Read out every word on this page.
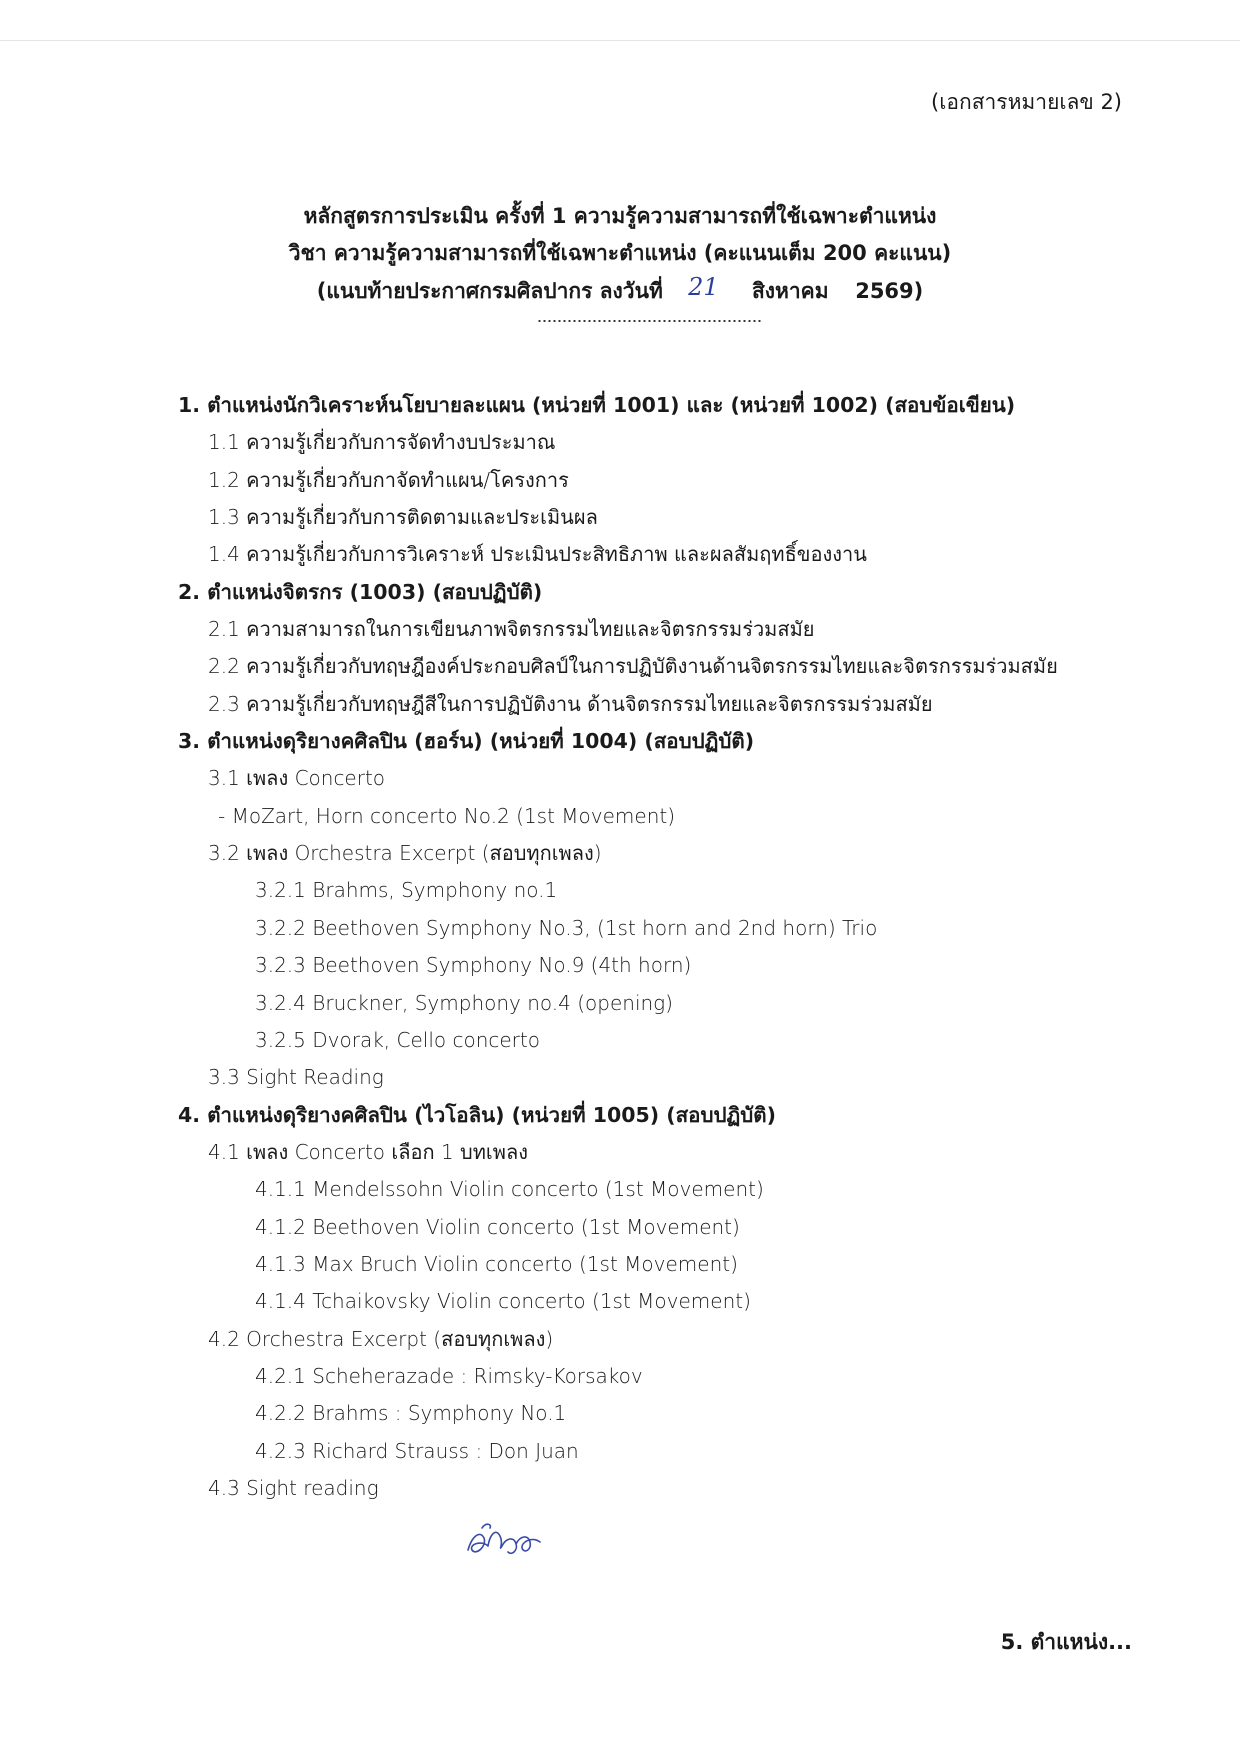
(เอกสารหมายเลข 2)
หลักสูตรการประเมิน ครั้งที่ 1 ความรู้ความสามารถที่ใช้เฉพาะตำแหน่ง
วิชา ความรู้ความสามารถที่ใช้เฉพาะตำแหน่ง (คะแนนเต็ม 200 คะแนน)
(แนบท้ายประกาศกรมศิลปากร ลงวันที่ 21 สิงหาคม 2569)
1. ตำแหน่งนักวิเคราะห์นโยบายละแผน (หน่วยที่ 1001) และ (หน่วยที่ 1002) (สอบข้อเขียน)
1.1 ความรู้เกี่ยวกับการจัดทำงบประมาณ
1.2 ความรู้เกี่ยวกับกาจัดทำแผน/โครงการ
1.3 ความรู้เกี่ยวกับการติดตามและประเมินผล
1.4 ความรู้เกี่ยวกับการวิเคราะห์ ประเมินประสิทธิภาพ และผลสัมฤทธิ์ของงาน
2. ตำแหน่งจิตรกร (1003) (สอบปฏิบัติ)
2.1 ความสามารถในการเขียนภาพจิตรกรรมไทยและจิตรกรรมร่วมสมัย
2.2 ความรู้เกี่ยวกับทฤษฎีองค์ประกอบศิลป์ในการปฏิบัติงานด้านจิตรกรรมไทยและจิตรกรรมร่วมสมัย
2.3 ความรู้เกี่ยวกับทฤษฎีสีในการปฏิบัติงาน ด้านจิตรกรรมไทยและจิตรกรรมร่วมสมัย
3. ตำแหน่งดุริยางคศิลปิน (ฮอร์น) (หน่วยที่ 1004) (สอบปฏิบัติ)
3.1 เพลง Concerto
- MoZart, Horn concerto No.2 (1st Movement)
3.2 เพลง Orchestra Excerpt (สอบทุกเพลง)
3.2.1 Brahms, Symphony no.1
3.2.2 Beethoven Symphony No.3, (1st horn and 2nd horn) Trio
3.2.3 Beethoven Symphony No.9 (4th horn)
3.2.4 Bruckner, Symphony no.4 (opening)
3.2.5 Dvorak, Cello concerto
3.3 Sight Reading
4. ตำแหน่งดุริยางคศิลปิน (ไวโอลิน) (หน่วยที่ 1005) (สอบปฏิบัติ)
4.1 เพลง Concerto เลือก 1 บทเพลง
4.1.1 Mendelssohn Violin concerto (1st Movement)
4.1.2 Beethoven Violin concerto (1st Movement)
4.1.3 Max Bruch Violin concerto (1st Movement)
4.1.4 Tchaikovsky Violin concerto (1st Movement)
4.2 Orchestra Excerpt (สอบทุกเพลง)
4.2.1 Scheherazade : Rimsky-Korsakov
4.2.2 Brahms : Symphony No.1
4.2.3 Richard Strauss : Don Juan
4.3 Sight reading
5. ตำแหน่ง...
